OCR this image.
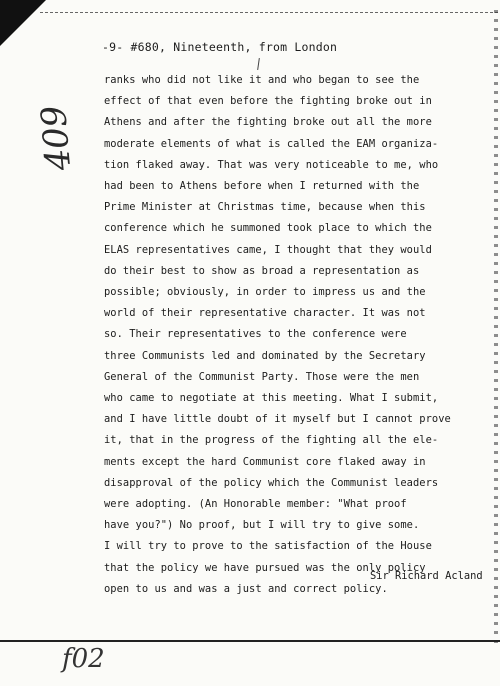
-9- #680, Nineteenth, from London
409
ranks who did not like it and who began to see the
effect of that even before the fighting broke out in
Athens and after the fighting broke out all the more
moderate elements of what is called the EAM organiza-
tion flaked away. That was very noticeable to me, who
had been to Athens before when I returned with the
Prime Minister at Christmas time, because when this
conference which he summoned took place to which the
ELAS representatives came, I thought that they would
do their best to show as broad a representation as
possible; obviously, in order to impress us and the
world of their representative character. It was not
so. Their representatives to the conference were
three Communists led and dominated by the Secretary
General of the Communist Party. Those were the men
who came to negotiate at this meeting. What I submit,
and I have little doubt of it myself but I cannot prove
it, that in the progress of the fighting all the ele-
ments except the hard Communist core flaked away in
disapproval of the policy which the Communist leaders
were adopting. (An Honorable member: "What proof
have you?") No proof, but I will try to give some.
I will try to prove to the satisfaction of the House
that the policy we have pursued was the only policy
open to us and was a just and correct policy.
Sir Richard Acland
f02
